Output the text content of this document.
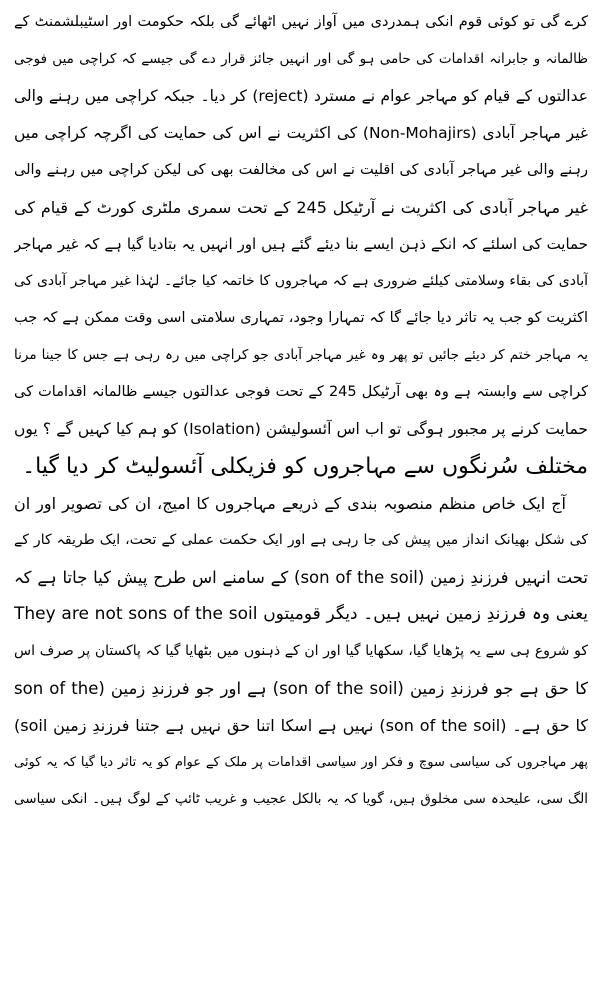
کرے گی تو کوئی قوم انکی ہمدردی میں آواز نہیں اٹھائے گی بلکہ حکومت اور اسٹیبلشمنٹ کے
ظالمانہ و جابرانہ اقدامات کی حامی ہو گی اور انہیں جائز قرار دے گی جیسے کہ کراچی میں فوجی
عدالتوں کے قیام کو مہاجر عوام نے مسترد (reject) کر دیا۔ جبکہ کراچی میں رہنے والی
غیر مہاجر آبادی (Non-Mohajirs) کی اکثریت نے اس کی حمایت کی اگرچہ کراچی میں
رہنے والی غیر مہاجر آبادی کی اقلیت نے اس کی مخالفت بھی کی لیکن کراچی میں رہنے والی
غیر مہاجر آبادی کی اکثریت نے آرٹیکل 245 کے تحت سمری ملٹری کورٹ کے قیام کی
حمایت کی اسلئے کہ انکے ذہن ایسے بنا دیئے گئے ہیں اور انہیں یہ بتادیا گیا ہے کہ غیر مہاجر
آبادی کی بقاء وسلامتی کیلئے ضروری ہے کہ مہاجروں کا خاتمہ کیا جائے۔ لہٰذا غیر مہاجر آبادی کی
اکثریت کو جب یہ تاثر دیا جائے گا کہ تمہارا وجود، تمہاری سلامتی اسی وقت ممکن ہے کہ جب
یہ مہاجر ختم کر دیئے جائیں تو پھر وہ غیر مہاجر آبادی جو کراچی میں رہ رہی ہے جس کا جینا مرنا
کراچی سے وابستہ ہے وہ بھی آرٹیکل 245 کے تحت فوجی عدالتوں جیسے ظالمانہ اقدامات کی
حمایت کرنے پر مجبور ہوگی تو اب اس آئسولیشن (Isolation) کو ہم کیا کہیں گے ؟ یوں
مختلف سُرنگوں سے مہاجروں کو فزیکلی آئسولیٹ کر دیا گیا۔
آج ایک خاص منظم منصوبہ بندی کے ذریعے مہاجروں کا امیج، ان کی تصویر اور ان
کی شکل بھیانک انداز میں پیش کی جا رہی ہے اور ایک حکمت عملی کے تحت، ایک طریقہ کار کے
تحت انہیں فرزندِ زمین (son of the soil) کے سامنے اس طرح پیش کیا جاتا ہے کہ
They are not sons of the soil یعنی وہ فرزندِ زمین نہیں ہیں۔ دیگر قومیتوں
کو شروع ہی سے یہ پڑھایا گیا، سکھایا گیا اور ان کے ذہنوں میں بٹھایا گیا کہ پاکستان پر صرف اس
کا حق ہے جو فرزندِ زمین (son of the soil) ہے اور جو فرزندِ زمین (son of the
(soil نہیں ہے اسکا اتنا حق نہیں ہے جتنا فرزندِ زمین (son of the soil) کا حق ہے۔
پھر مہاجروں کی سیاسی سوچ و فکر اور سیاسی اقدامات پر ملک کے عوام کو یہ تاثر دیا گیا کہ یہ کوئی
الگ سی، علیحدہ سی مخلوق ہیں، گویا کہ یہ بالکل عجیب و غریب ٹائپ کے لوگ ہیں۔ انکی سیاسی
